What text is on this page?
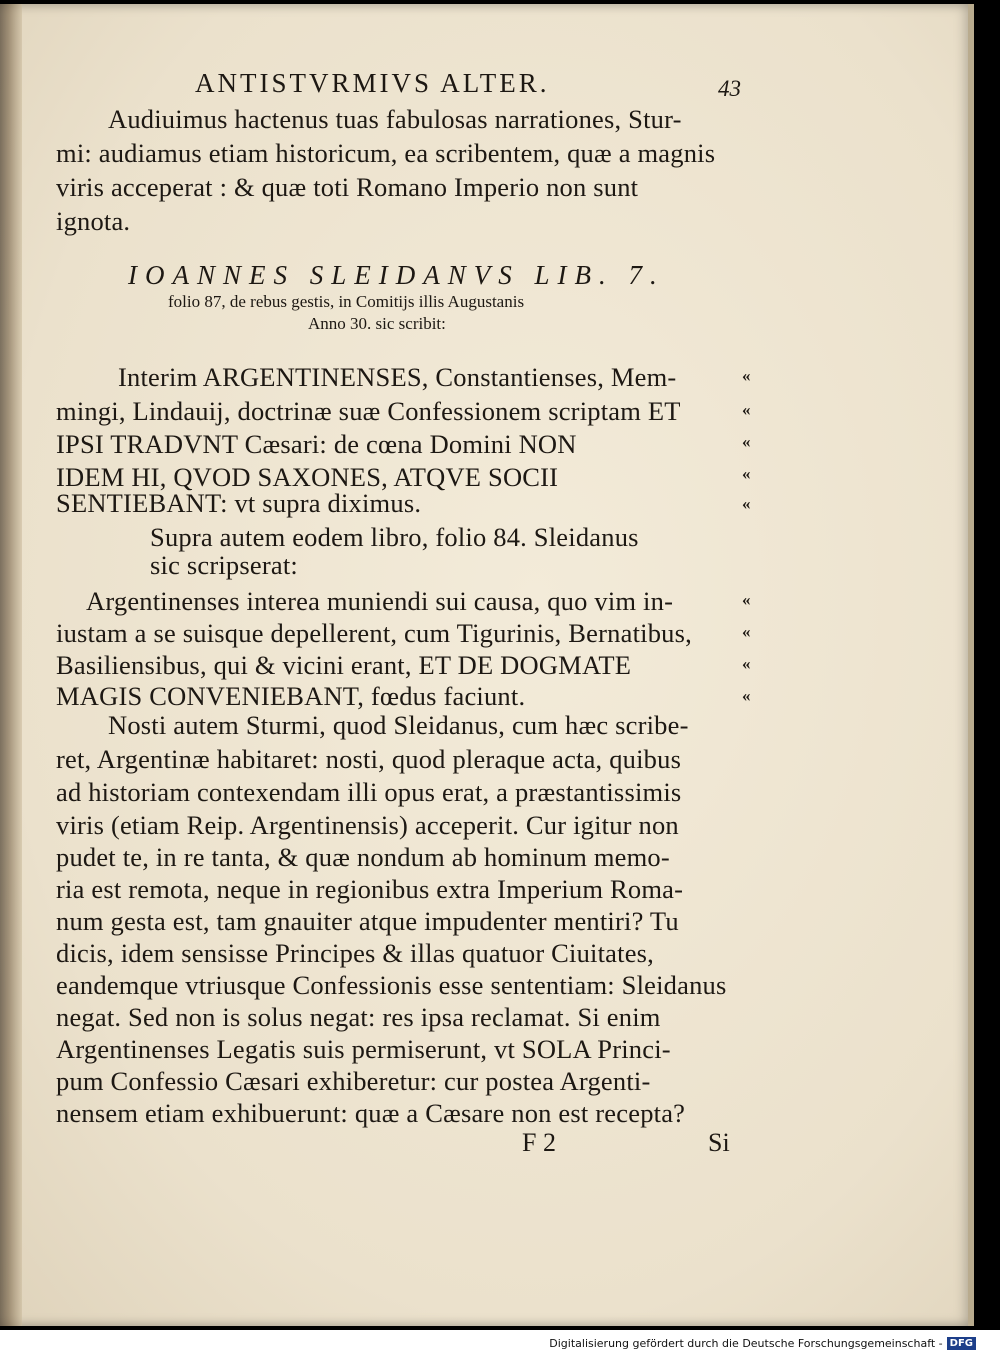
ANTISTVRMIVS ALTER.	43
Audiuimus hactenus tuas fabulosas narrationes, Stur-
mi: audiamus etiam historicum, ea scribentem, quæ a magnis
viris acceperat : & quæ toti Romano Imperio non sunt
ignota.
IOANNES SLEIDANVS LIB. 7.
folio 87, de rebus gestis, in Comitijs illis Augustanis
Anno 30. sic scribit:
Interim ARGENTINENSES, Constantienses, Mem-
mingi, Lindauij, doctrinæ suæ Confessionem scriptam ET
IPSI TRADVNT Cæsari: de cœna Domini NON
IDEM HI, QVOD SAXONES, ATQVE SOCII
SENTIEBANT: vt supra diximus.
«
«
«
«
«
Supra autem eodem libro, folio 84. Sleidanus
sic scripserat:
Argentinenses interea muniendi sui causa, quo vim in-
iustam a se suisque depellerent, cum Tigurinis, Bernatibus,
Basiliensibus, qui & vicini erant, ET DE DOGMATE
MAGIS CONVENIEBANT, fœdus faciunt.
«
«
«
«
Nosti autem Sturmi, quod Sleidanus, cum hæc scribe-
ret, Argentinæ habitaret: nosti, quod pleraque acta, quibus
ad historiam contexendam illi opus erat, a præstantissimis
viris (etiam Reip. Argentinensis) acceperit. Cur igitur non
pudet te, in re tanta, & quæ nondum ab hominum memo-
ria est remota, neque in regionibus extra Imperium Roma-
num gesta est, tam gnauiter atque impudenter mentiri? Tu
dicis, idem sensisse Principes & illas quatuor Ciuitates,
eandemque vtriusque Confessionis esse sententiam: Sleidanus
negat. Sed non is solus negat: res ipsa reclamat. Si enim
Argentinenses Legatis suis permiserunt, vt SOLA Princi-
pum Confessio Cæsari exhiberetur: cur postea Argenti-
nensem etiam exhibuerunt: quæ a Cæsare non est recepta?
F 2	Si
Digitalisierung gefördert durch die Deutsche Forschungsgemeinschaft - DFG
